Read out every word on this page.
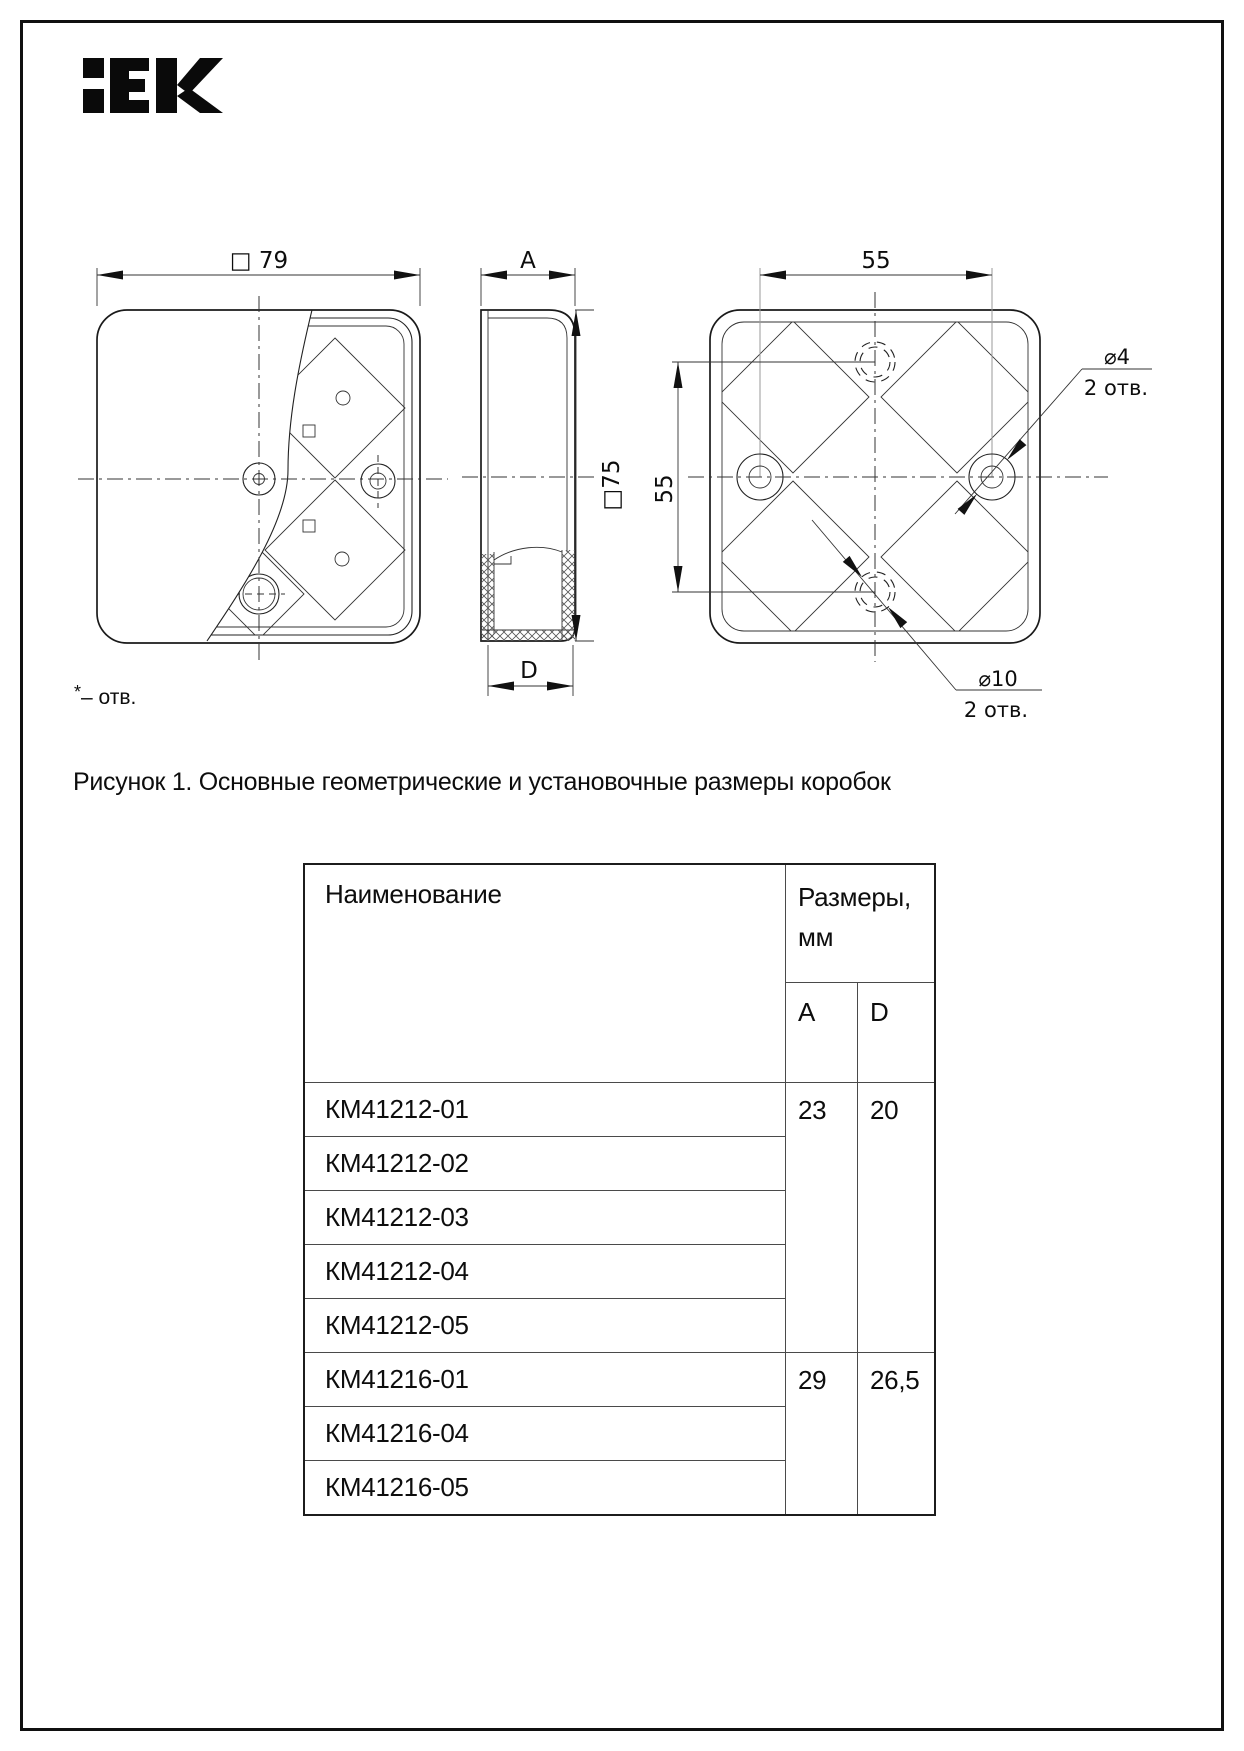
□ 79	A
□75
D
55
55
⌀4
2 отв.
⌀10
2 отв.
*– отв.
Рисунок 1. Основные геометрические и установочные размеры коробок
Наименование	Размеры, мм	
	A	D
КМ41212-01	23	20
КМ41212-02		
КМ41212-03		
КМ41212-04		
КМ41212-05		
КМ41216-01	29	26,5
КМ41216-04		
КМ41216-05		
